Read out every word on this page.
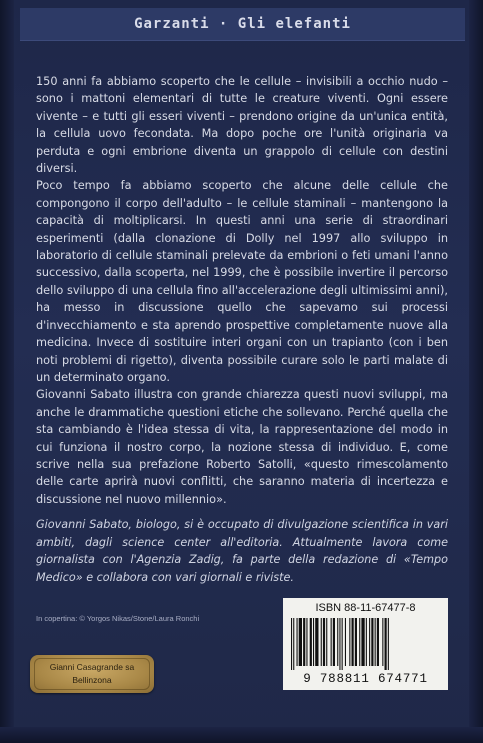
Garzanti · Gli elefanti

150 anni fa abbiamo scoperto che le cellule – invisibili a occhio nudo – sono i mattoni elementari di tutte le creature viventi. Ogni essere vivente – e tutti gli esseri viventi – prendono origine da un'unica entità, la cellula uovo fecondata. Ma dopo poche ore l'unità originaria va perduta e ogni embrione diventa un grappolo di cellule con destini diversi.

Poco tempo fa abbiamo scoperto che alcune delle cellule che compongono il corpo dell'adulto – le cellule staminali – mantengono la capacità di moltiplicarsi. In questi anni una serie di straordinari esperimenti (dalla clonazione di Dolly nel 1997 allo sviluppo in laboratorio di cellule staminali prelevate da embrioni o feti umani l'anno successivo, dalla scoperta, nel 1999, che è possibile invertire il percorso dello sviluppo di una cellula fino all'accelerazione degli ultimissimi anni), ha messo in discussione quello che sapevamo sui processi d'invecchiamento e sta aprendo prospettive completamente nuove alla medicina. Invece di sostituire interi organi con un trapianto (con i ben noti problemi di rigetto), diventa possibile curare solo le parti malate di un determinato organo.

Giovanni Sabato illustra con grande chiarezza questi nuovi sviluppi, ma anche le drammatiche questioni etiche che sollevano. Perché quella che sta cambiando è l'idea stessa di vita, la rappresentazione del modo in cui funziona il nostro corpo, la nozione stessa di individuo. E, come scrive nella sua prefazione Roberto Satolli, «questo rimescolamento delle carte aprirà nuovi conflitti, che saranno materia di incertezza e discussione nel nuovo millennio».

Giovanni Sabato, biologo, si è occupato di divulgazione scientifica in vari ambiti, dagli science center all'editoria. Attualmente lavora come giornalista con l'Agenzia Zadig, fa parte della redazione di «Tempo Medico» e collabora con vari giornali e riviste.
In copertina: © Yorgos Nikas/Stone/Laura Ronchi
ISBN 88-11-67477-8
9 788811 674771
Gianni Casagrande sa
Bellinzona
